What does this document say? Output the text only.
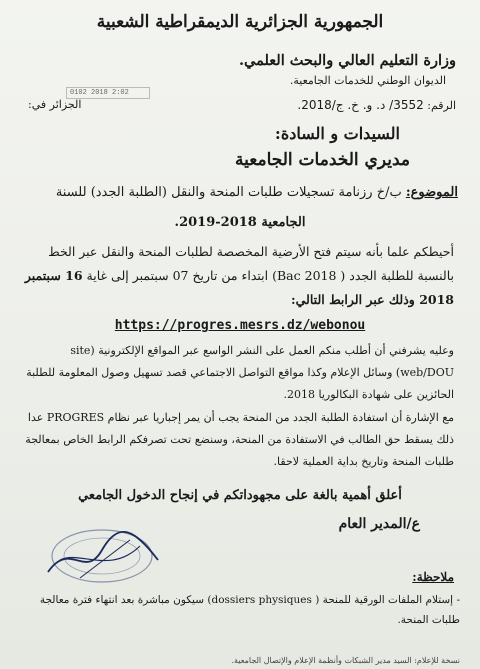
الجمهورية الجزائرية الديمقراطية الشعبية
وزارة التعليم العالي والبحث العلمي.
الديوان الوطني للخدمات الجامعية.
الرقم: 3552/ د. و. خ. ج/2018.
0102 2018 2:02
الجزائر في:
السيدات و السادة:
مديري الخدمات الجامعية
الموضوع: ب/خ رزنامة تسجيلات طلبات المنحة والنقل (الطلبة الجدد) للسنة
الجامعية 2018-2019.
أحيطكم علما بأنه سيتم فتح الأرضية المخصصة لطلبات المنحة والنقل عبر الخط بالنسبة للطلبة الجدد ( Bac 2018) ابتداء من تاريخ 07 سبتمبر إلى غاية 16 سبتمبر 2018 وذلك عبر الرابط التالي:
https://progres.mesrs.dz/webonou
وعليه يشرفني أن أطلب منكم العمل على النشر الواسع عبر المواقع الإلكترونية (site web/DOU) وسائل الإعلام وكذا مواقع التواصل الاجتماعي قصد تسهيل وصول المعلومة للطلبة الحائزين على شهادة البكالوريا 2018.
مع الإشارة أن استفادة الطلبة الجدد من المنحة يجب أن يمر إجباريا عبر نظام PROGRES عدا ذلك يسقط حق الطالب في الاستفادة من المنحة، وسنضع تحت تصرفكم الرابط الخاص بمعالجة طلبات المنحة وتاريخ بداية العملية لاحقا.
أعلق أهمية بالغة على مجهوداتكم في إنجاح الدخول الجامعي
ع/المدير العام
ملاحظة:
- إستلام الملفات الورقية للمنحة ( dossiers physiques) سيكون مباشرة بعد انتهاء فترة معالجة طلبات المنحة.
نسخة للإعلام: السيد مدير الشبكات وأنظمة الإعلام والإتصال الجامعية.
